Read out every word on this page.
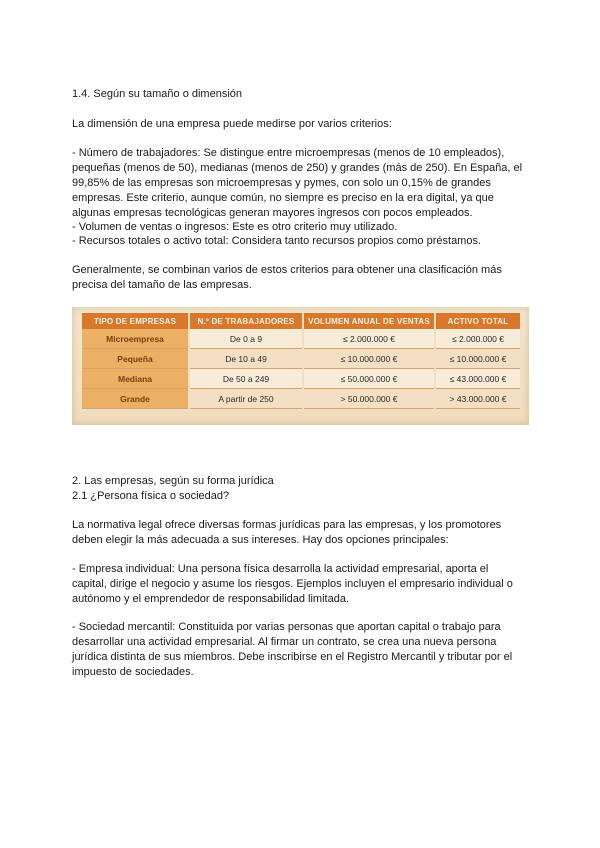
1.4. Según su tamaño o dimensión
La dimensión de una empresa puede medirse por varios criterios:
- Número de trabajadores: Se distingue entre microempresas (menos de 10 empleados),
pequeñas (menos de 50), medianas (menos de 250) y grandes (más de 250). En España, el
99,85% de las empresas son microempresas y pymes, con solo un 0,15% de grandes
empresas. Este criterio, aunque común, no siempre es preciso en la era digital, ya que
algunas empresas tecnológicas generan mayores ingresos con pocos empleados.
- Volumen de ventas o ingresos: Este es otro criterio muy utilizado.
- Recursos totales o activo total: Considera tanto recursos propios como préstamos.
Generalmente, se combinan varios de estos criterios para obtener una clasificación más
precisa del tamaño de las empresas.
2. Las empresas, según su forma jurídica
2.1 ¿Persona física o sociedad?
La normativa legal ofrece diversas formas jurídicas para las empresas, y los promotores
deben elegir la más adecuada a sus intereses. Hay dos opciones principales:
- Empresa individual: Una persona física desarrolla la actividad empresarial, aporta el
capital, dirige el negocio y asume los riesgos. Ejemplos incluyen el empresario individual o
autónomo y el emprendedor de responsabilidad limitada.
- Sociedad mercantil: Constituida por varias personas que aportan capital o trabajo para
desarrollar una actividad empresarial. Al firmar un contrato, se crea una nueva persona
jurídica distinta de sus miembros. Debe inscribirse en el Registro Mercantil y tributar por el
impuesto de sociedades.
TIPO DE EMPRESAS	N.º DE TRABAJADORES	VOLUMEN ANUAL DE VENTAS	ACTIVO TOTAL
Microempresa	De 0 a 9	≤ 2.000.000 €	≤ 2.000.000 €
Pequeña	De 10 a 49	≤ 10.000.000 €	≤ 10.000.000 €
Mediana	De 50 a 249	≤ 50.000.000 €	≤ 43.000.000 €
Grande	A partir de 250	> 50.000.000 €	> 43.000.000 €
